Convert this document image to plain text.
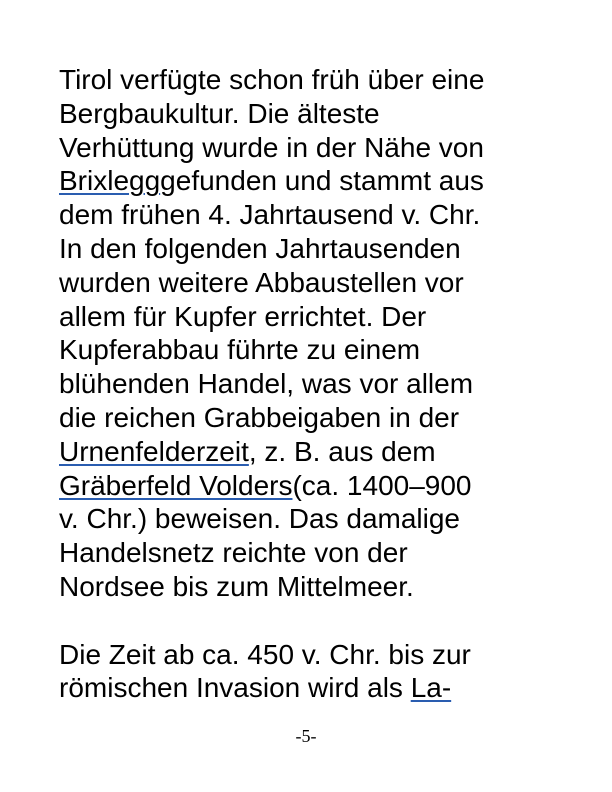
Tirol verfügte schon früh über eine
Bergbaukultur. Die älteste
Verhüttung wurde in der Nähe von
Brixlegggefunden und stammt aus
dem frühen 4. Jahrtausend v. Chr.
In den folgenden Jahrtausenden
wurden weitere Abbaustellen vor
allem für Kupfer errichtet. Der
Kupferabbau führte zu einem
blühenden Handel, was vor allem
die reichen Grabbeigaben in der
Urnenfelderzeit, z. B. aus dem
Gräberfeld Volders(ca. 1400–900
v. Chr.) beweisen. Das damalige
Handelsnetz reichte von der
Nordsee bis zum Mittelmeer.
Die Zeit ab ca. 450 v. Chr. bis zur
römischen Invasion wird als La-
-5-
